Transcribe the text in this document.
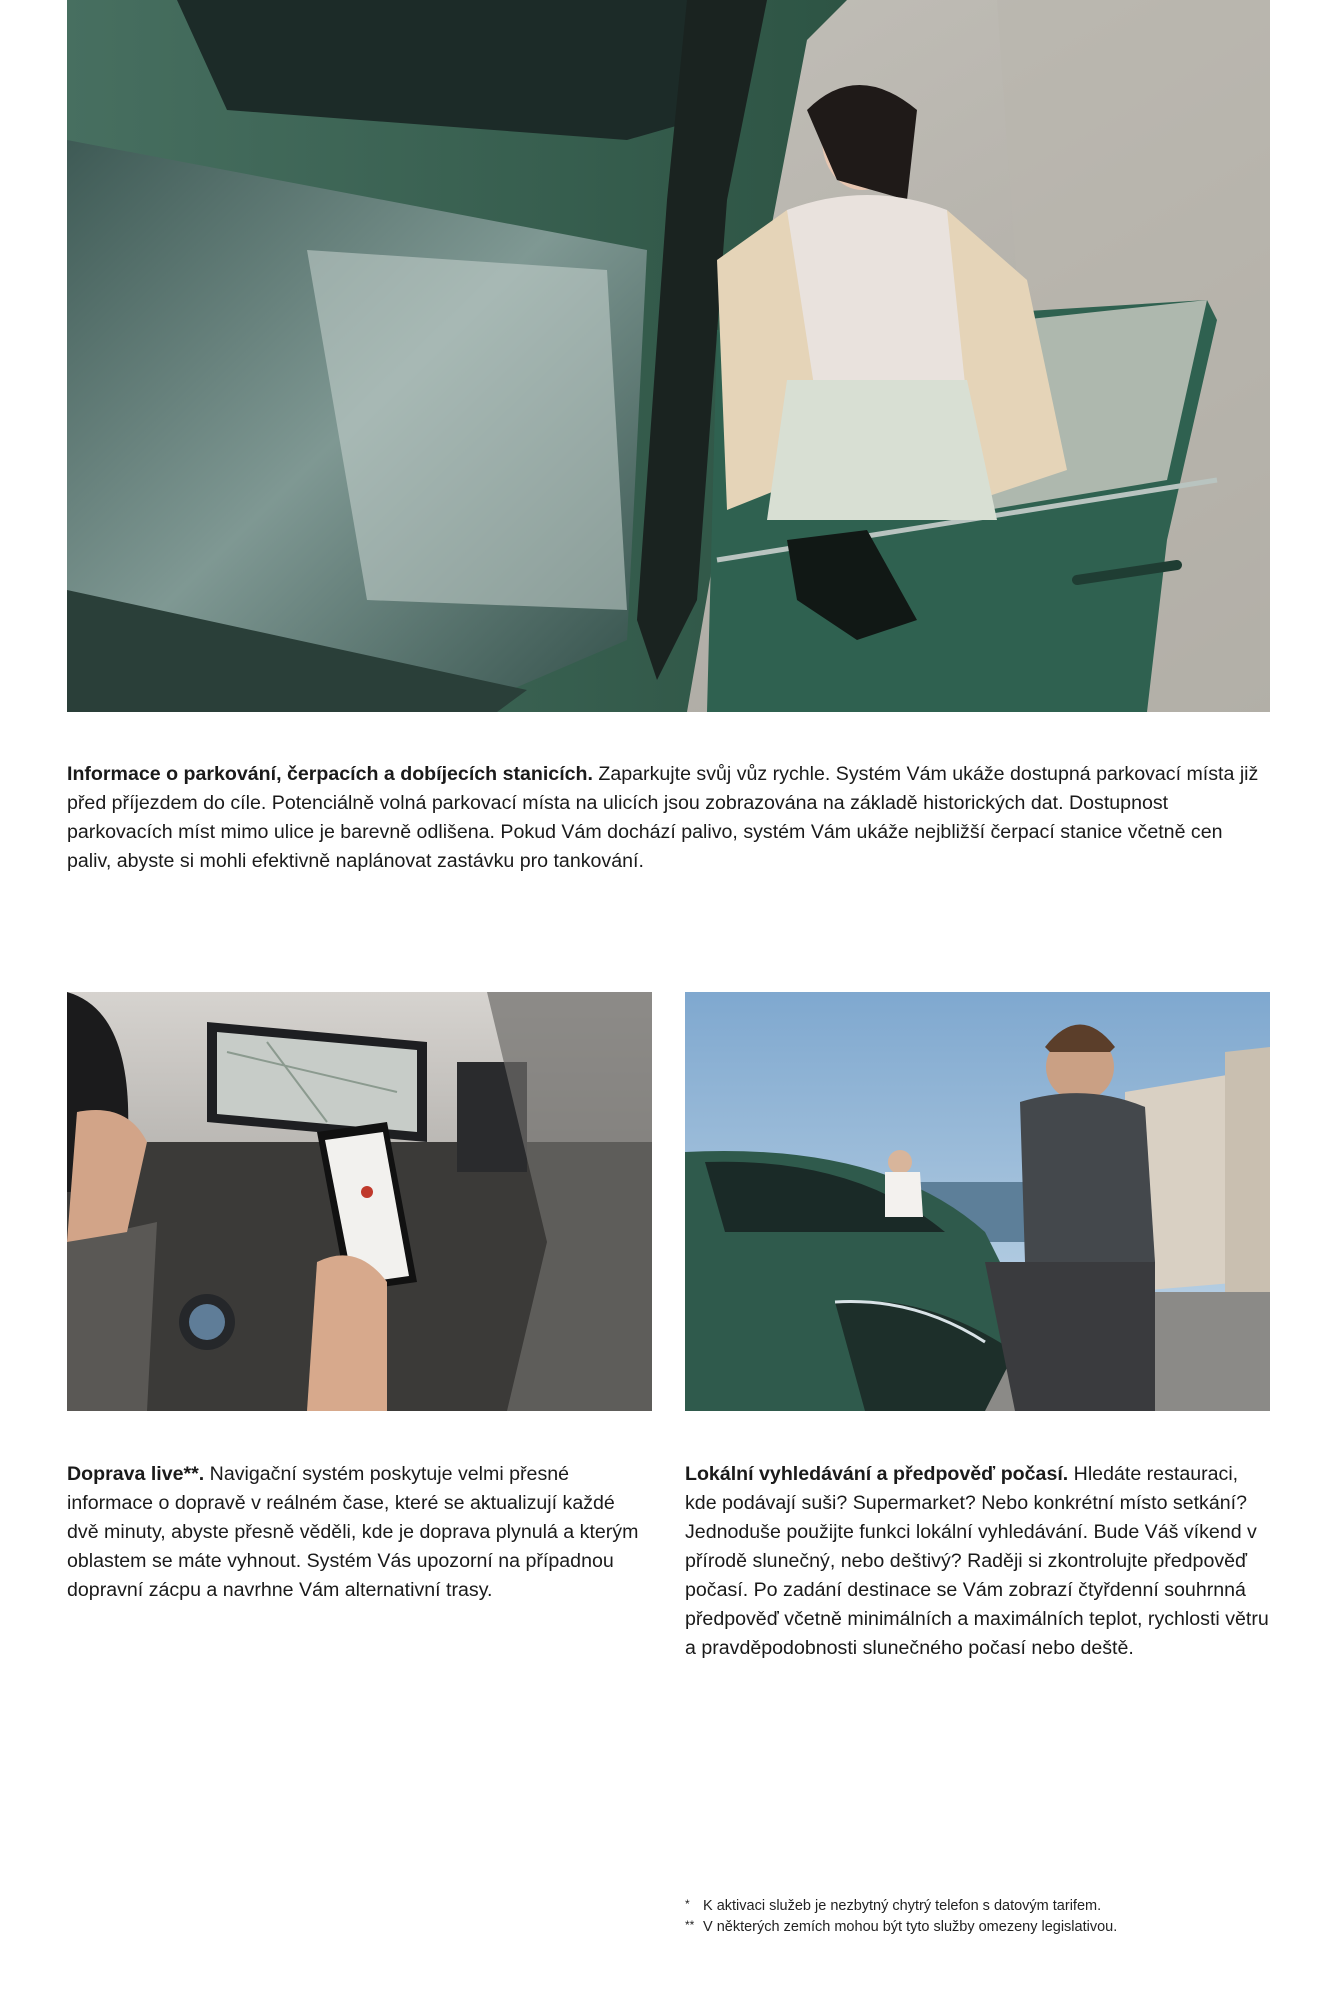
Informace o parkování, čerpacích a dobíjecích stanicích. Zaparkujte svůj vůz rychle. Systém Vám ukáže dostupná parkovací místa již před příjezdem do cíle. Potenciálně volná parkovací místa na ulicích jsou zobrazována na základě historických dat. Dostupnost parkovacích míst mimo ulice je barevně odlišena. Pokud Vám dochází palivo, systém Vám ukáže nejbližší čerpací stanice včetně cen paliv, abyste si mohli efektivně naplánovat zastávku pro tankování.

Doprava live**. Navigační systém poskytuje velmi přesné informace o dopravě v reálném čase, které se aktualizují každé dvě minuty, abyste přesně věděli, kde je doprava plynulá a kterým oblastem se máte vyhnout. Systém Vás upozorní na případnou dopravní zácpu a navrhne Vám alternativní trasy.

Lokální vyhledávání a předpověď počasí. Hledáte restauraci, kde podávají suši? Supermarket? Nebo konkrétní místo setkání? Jednoduše použijte funkci lokální vyhledávání. Bude Váš víkend v přírodě slunečný, nebo deštivý? Raději si zkontrolujte předpověď počasí. Po zadání destinace se Vám zobrazí čtyřdenní souhrnná předpověď včetně minimálních a maximálních teplot, rychlosti větru a pravděpodobnosti slunečného počasí nebo deště.

* K aktivaci služeb je nezbytný chytrý telefon s datovým tarifem.
** V některých zemích mohou být tyto služby omezeny legislativou.
